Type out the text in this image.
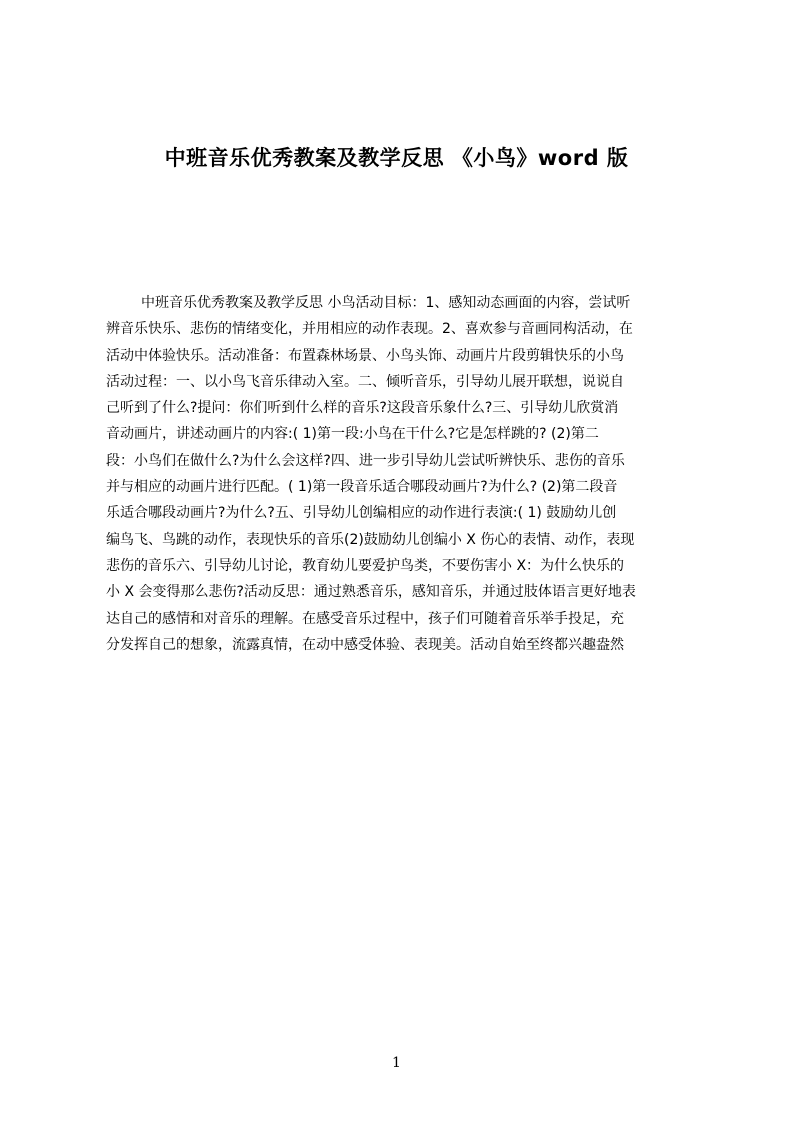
中班音乐优秀教案及教学反思 《小鸟》word 版

中班音乐优秀教案及教学反思 小鸟活动目标：1、感知动态画面的内容，尝试听

辨音乐快乐、悲伤的情绪变化，并用相应的动作表现。2、喜欢参与音画同构活动，在

活动中体验快乐。活动准备：布置森林场景、小鸟头饰、动画片片段剪辑快乐的小鸟

活动过程：一、以小鸟飞音乐律动入室。二、倾听音乐，引导幼儿展开联想，说说自

己听到了什么?提问：你们听到什么样的音乐?这段音乐象什么?三、引导幼儿欣赏消

音动画片，讲述动画片的内容:( 1)第一段:小鸟在干什么?它是怎样跳的? (2)第二

段：小鸟们在做什么?为什么会这样?四、进一步引导幼儿尝试听辨快乐、悲伤的音乐

并与相应的动画片进行匹配。( 1)第一段音乐适合哪段动画片?为什么? (2)第二段音

乐适合哪段动画片?为什么?五、引导幼儿创编相应的动作进行表演:( 1) 鼓励幼儿创

编鸟飞、鸟跳的动作，表现快乐的音乐(2)鼓励幼儿创编小 X 伤心的表情、动作，表现

悲伤的音乐六、引导幼儿讨论，教育幼儿要爱护鸟类，不要伤害小 X：为什么快乐的

小 X 会变得那么悲伤?活动反思：通过熟悉音乐，感知音乐，并通过肢体语言更好地表

达自己的感情和对音乐的理解。在感受音乐过程中，孩子们可随着音乐举手投足，充

分发挥自己的想象，流露真情，在动中感受体验、表现美。活动自始至终都兴趣盎然

1
